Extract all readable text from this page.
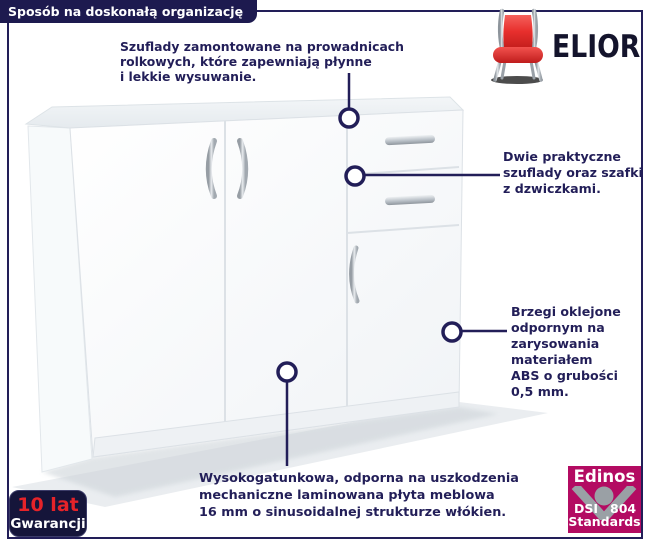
Sposób na doskonałą organizację
ELIOR
Szuflady zamontowane na prowadnicach
rolkowych, które zapewniają płynne
i lekkie wysuwanie.
Dwie praktyczne
szuflady oraz szafki
z dzwiczkami.
Brzegi oklejone
odpornym na
zarysowania
materiałem
ABS o grubości
0,5 mm.
Wysokogatunkowa, odporna na uszkodzenia
mechaniczne laminowana płyta meblowa
16 mm o sinusoidalnej strukturze włókien.
10 lat
Gwarancji
Edinos
DSI 804
Standards
